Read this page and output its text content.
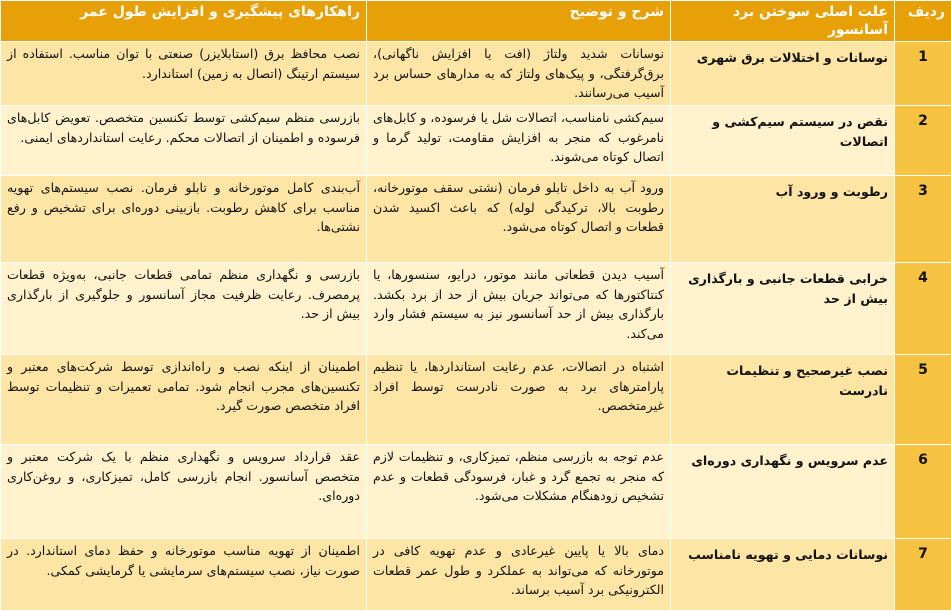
ردیف	علت اصلی سوختن برد آسانسور	شرح و توضیح	راهکارهای پیشگیری و افزایش طول عمر
1	نوسانات و اختلالات برق شهری	نوسانات شدید ولتاژ (افت یا افزایش ناگهانی)، برق‌گرفتگی، و پیک‌های ولتاژ که به مدارهای حساس برد آسیب می‌رسانند.	نصب محافظ برق (استابلایزر) صنعتی با توان مناسب. استفاده از سیستم ارتینگ (اتصال به زمین) استاندارد.
2	نقص در سیستم سیم‌کشی و اتصالات	سیم‌کشی نامناسب، اتصالات شل یا فرسوده، و کابل‌های نامرغوب که منجر به افزایش مقاومت، تولید گرما و اتصال کوتاه می‌شوند.	بازرسی منظم سیم‌کشی توسط تکنسین متخصص. تعویض کابل‌های فرسوده و اطمینان از اتصالات محکم. رعایت استانداردهای ایمنی.
3	رطوبت و ورود آب	ورود آب به داخل تابلو فرمان (نشتی سقف موتورخانه، رطوبت بالا، ترکیدگی لوله) که باعث اکسید شدن قطعات و اتصال کوتاه می‌شود.	آب‌بندی کامل موتورخانه و تابلو فرمان. نصب سیستم‌های تهویه مناسب برای کاهش رطوبت. بازبینی دوره‌ای برای تشخیص و رفع نشتی‌ها.
4	خرابی قطعات جانبی و بارگذاری بیش از حد	آسیب دیدن قطعاتی مانند موتور، درایو، سنسورها، یا کنتاکتورها که می‌تواند جریان بیش از حد از برد بکشد. بارگذاری بیش از حد آسانسور نیز به سیستم فشار وارد می‌کند.	بازرسی و نگهداری منظم تمامی قطعات جانبی، به‌ویژه قطعات پرمصرف. رعایت ظرفیت مجاز آسانسور و جلوگیری از بارگذاری بیش از حد.
5	نصب غیرصحیح و تنظیمات نادرست	اشتباه در اتصالات، عدم رعایت استانداردها، یا تنظیم پارامترهای برد به صورت نادرست توسط افراد غیرمتخصص.	اطمینان از اینکه نصب و راه‌اندازی توسط شرکت‌های معتبر و تکنسین‌های مجرب انجام شود. تمامی تعمیرات و تنظیمات توسط افراد متخصص صورت گیرد.
6	عدم سرویس و نگهداری دوره‌ای	عدم توجه به بازرسی منظم، تمیزکاری، و تنظیمات لازم که منجر به تجمع گرد و غبار، فرسودگی قطعات و عدم تشخیص زودهنگام مشکلات می‌شود.	عقد قرارداد سرویس و نگهداری منظم با یک شرکت معتبر و متخصص آسانسور. انجام بازرسی کامل، تمیزکاری، و روغن‌کاری دوره‌ای.
7	نوسانات دمایی و تهویه نامناسب	دمای بالا یا پایین غیرعادی و عدم تهویه کافی در موتورخانه که می‌تواند به عملکرد و طول عمر قطعات الکترونیکی برد آسیب برساند.	اطمینان از تهویه مناسب موتورخانه و حفظ دمای استاندارد. در صورت نیاز، نصب سیستم‌های سرمایشی یا گرمایشی کمکی.
